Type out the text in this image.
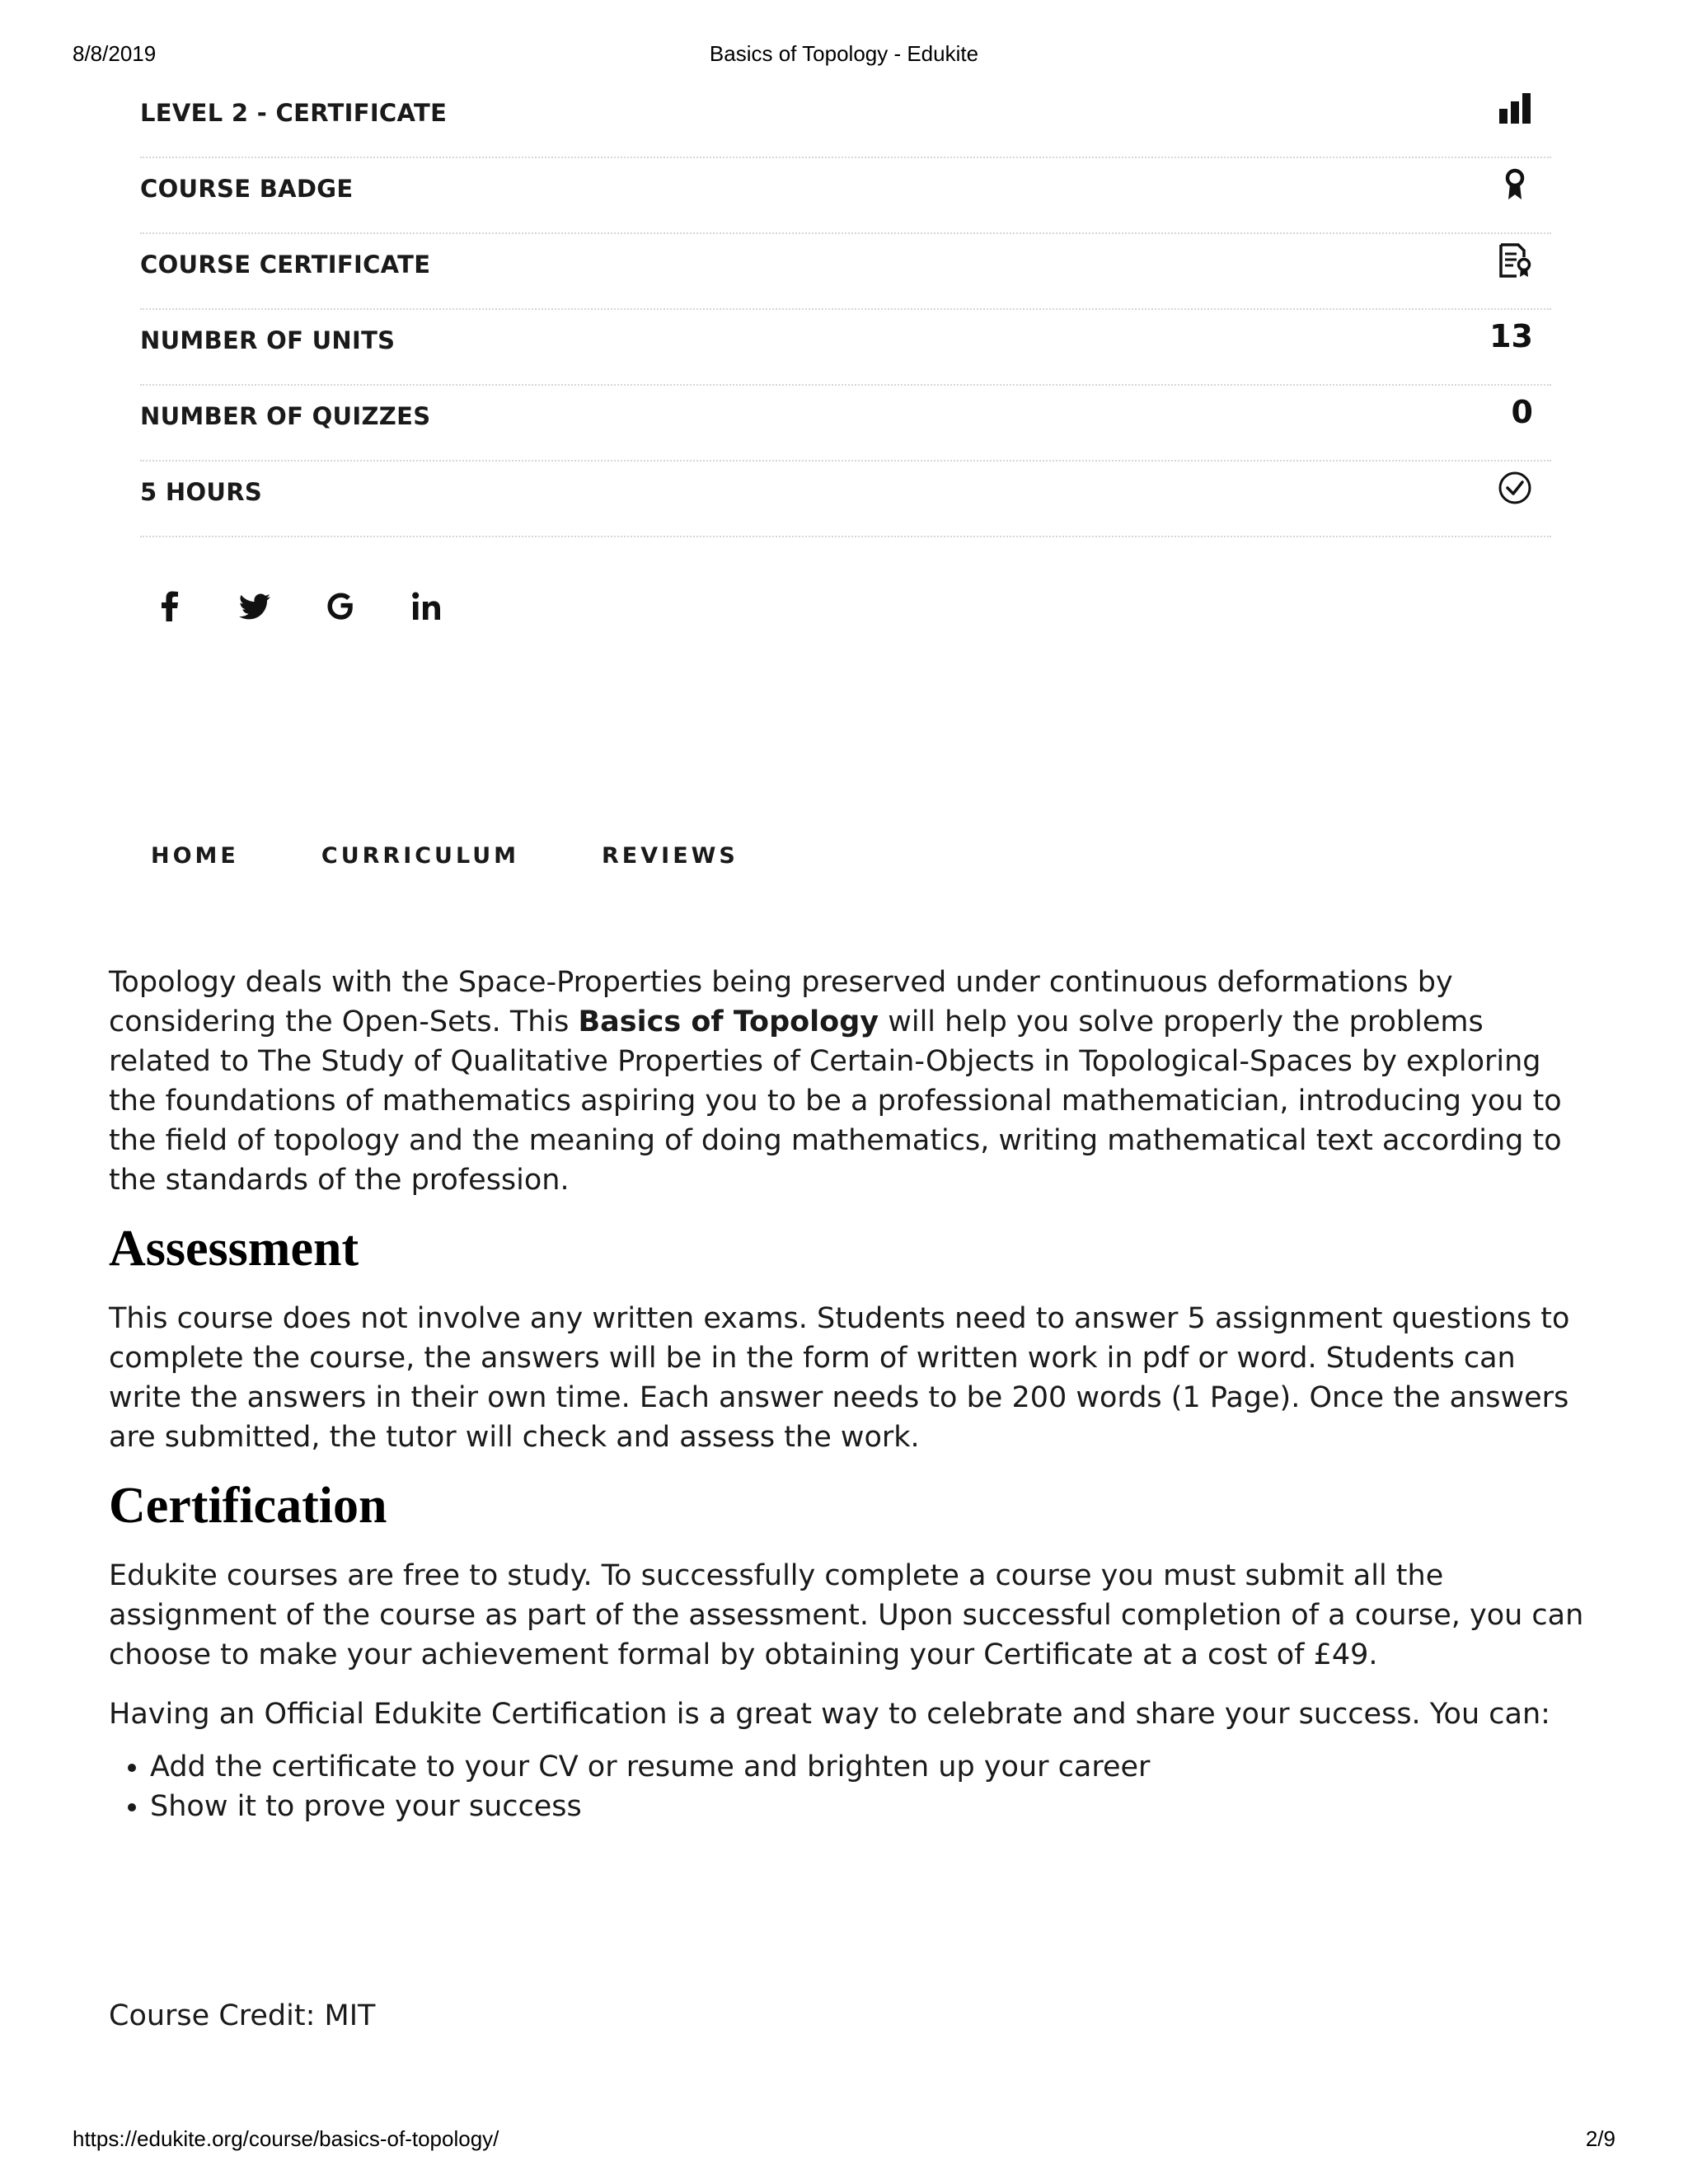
8/8/2019	Basics of Topology - Edukite
LEVEL 2 - CERTIFICATE
COURSE BADGE
COURSE CERTIFICATE
NUMBER OF UNITS	13
NUMBER OF QUIZZES	0
5 HOURS
HOME	CURRICULUM	REVIEWS

Topology deals with the Space-Properties being preserved under continuous deformations by considering the Open-Sets. This Basics of Topology will help you solve properly the problems related to The Study of Qualitative Properties of Certain-Objects in Topological-Spaces by exploring the foundations of mathematics aspiring you to be a professional mathematician, introducing you to the field of topology and the meaning of doing mathematics, writing mathematical text according to the standards of the profession.

Assessment

This course does not involve any written exams. Students need to answer 5 assignment questions to complete the course, the answers will be in the form of written work in pdf or word. Students can write the answers in their own time. Each answer needs to be 200 words (1 Page). Once the answers are submitted, the tutor will check and assess the work.

Certification

Edukite courses are free to study. To successfully complete a course you must submit all the assignment of the course as part of the assessment. Upon successful completion of a course, you can choose to make your achievement formal by obtaining your Certificate at a cost of £49.

Having an Official Edukite Certification is a great way to celebrate and share your success. You can:

• Add the certificate to your CV or resume and brighten up your career
• Show it to prove your success
Course Credit: MIT
https://edukite.org/course/basics-of-topology/	2/9
